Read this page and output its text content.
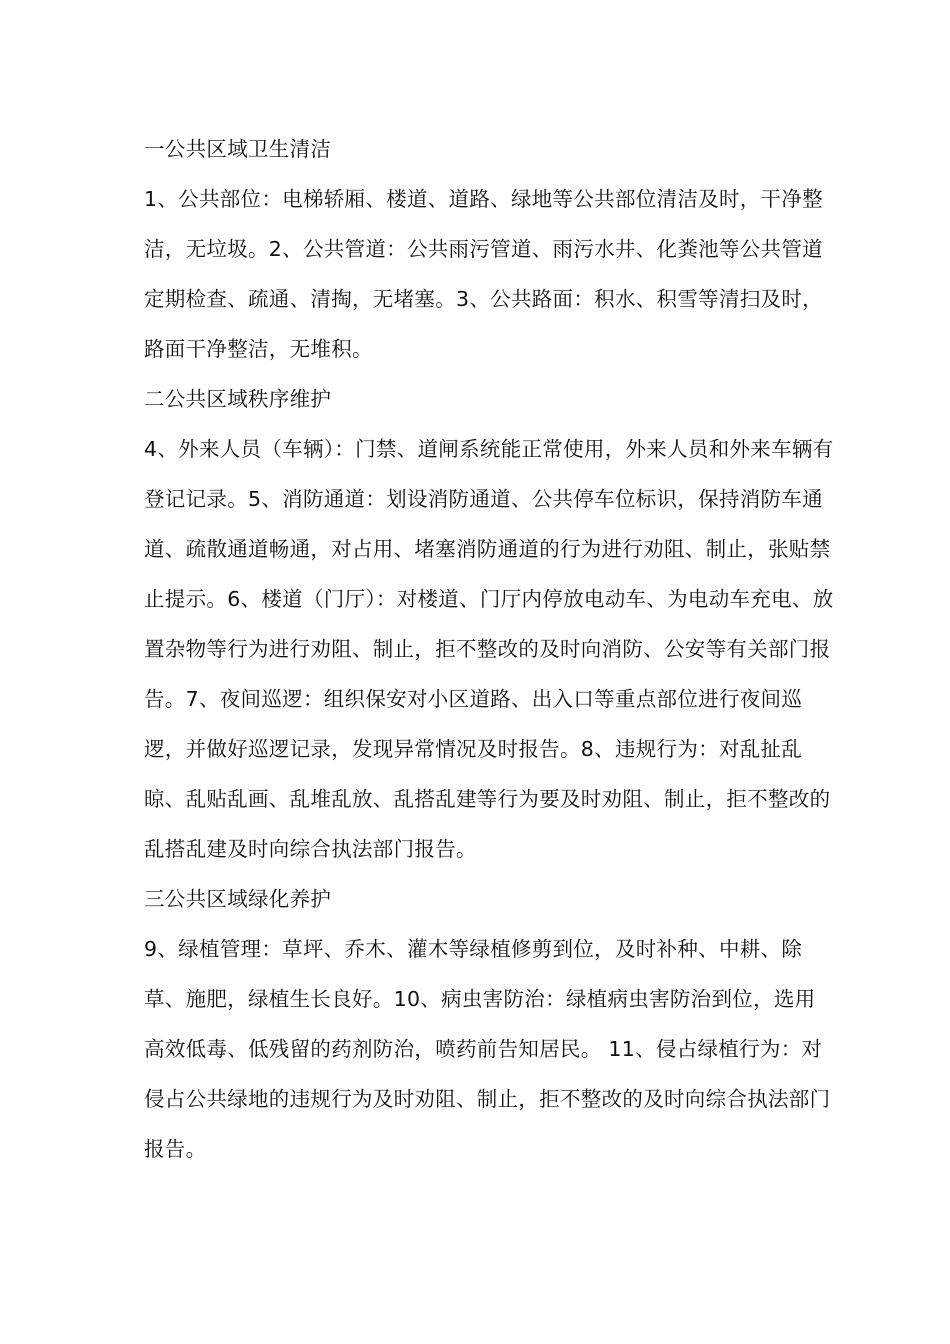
一公共区域卫生清洁

1、公共部位：电梯轿厢、楼道、道路、绿地等公共部位清洁及时，干净整洁，无垃圾。2、公共管道：公共雨污管道、雨污水井、化粪池等公共管道定期检查、疏通、清掏，无堵塞。3、公共路面：积水、积雪等清扫及时，路面干净整洁，无堆积。

二公共区域秩序维护

4、外来人员（车辆）：门禁、道闸系统能正常使用，外来人员和外来车辆有登记记录。5、消防通道：划设消防通道、公共停车位标识，保持消防车通道、疏散通道畅通，对占用、堵塞消防通道的行为进行劝阻、制止，张贴禁止提示。6、楼道（门厅）：对楼道、门厅内停放电动车、为电动车充电、放置杂物等行为进行劝阻、制止，拒不整改的及时向消防、公安等有关部门报告。7、夜间巡逻：组织保安对小区道路、出入口等重点部位进行夜间巡逻，并做好巡逻记录，发现异常情况及时报告。8、违规行为：对乱扯乱晾、乱贴乱画、乱堆乱放、乱搭乱建等行为要及时劝阻、制止，拒不整改的乱搭乱建及时向综合执法部门报告。

三公共区域绿化养护

9、绿植管理：草坪、乔木、灌木等绿植修剪到位，及时补种、中耕、除草、施肥，绿植生长良好。10、病虫害防治：绿植病虫害防治到位，选用高效低毒、低残留的药剂防治，喷药前告知居民。 11、侵占绿植行为：对侵占公共绿地的违规行为及时劝阻、制止，拒不整改的及时向综合执法部门报告。
